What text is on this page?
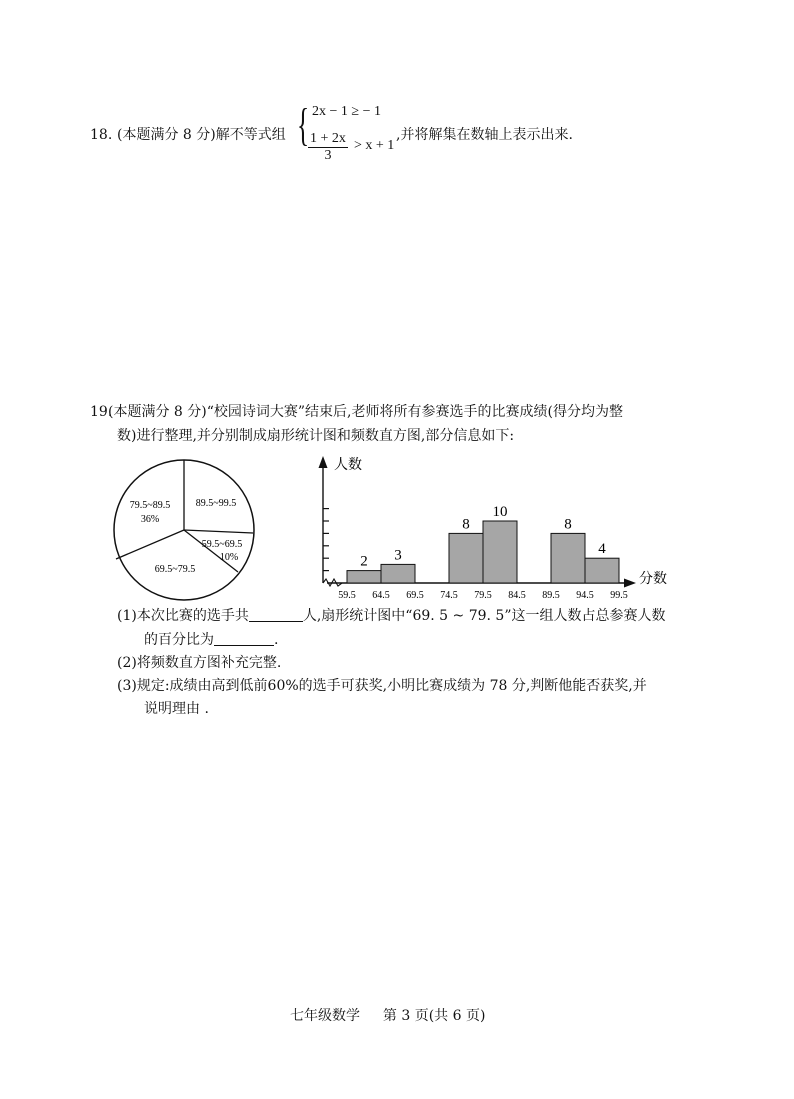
18. (本题满分 8 分)解不等式组 { 2x − 1 ≥ − 1
$\frac{1 + 2x}{3} > x + 1$
,并将解集在数轴上表示出来.
19.
(本题满分 8 分)“校园诗词大赛”结束后,老师将所有参赛选手的比赛成绩(得分均为整
数)进行整理,并分别制成扇形统计图和频数直方图,部分信息如下:
79.5~89.5
36%
89.5~99.5
59.5~69.5
10%
69.5~79.5	2 3
8
10
8
4
59.5 64.5 69.5 74.5 79.5 84.5 89.5 94.5 99.5
人数
分数
(1)本次比赛的选手共	人,扇形统计图中“69. 5 ~ 79. 5”这一组人数占总参赛人数
的百分比为	.
(2)将频数直方图补充完整.
(3)规定:成绩由高到低前60%的选手可获奖,小明比赛成绩为 78 分,判断他能否获奖,并
说明理由 .
七年级数学 第 3 页(共 6 页)
